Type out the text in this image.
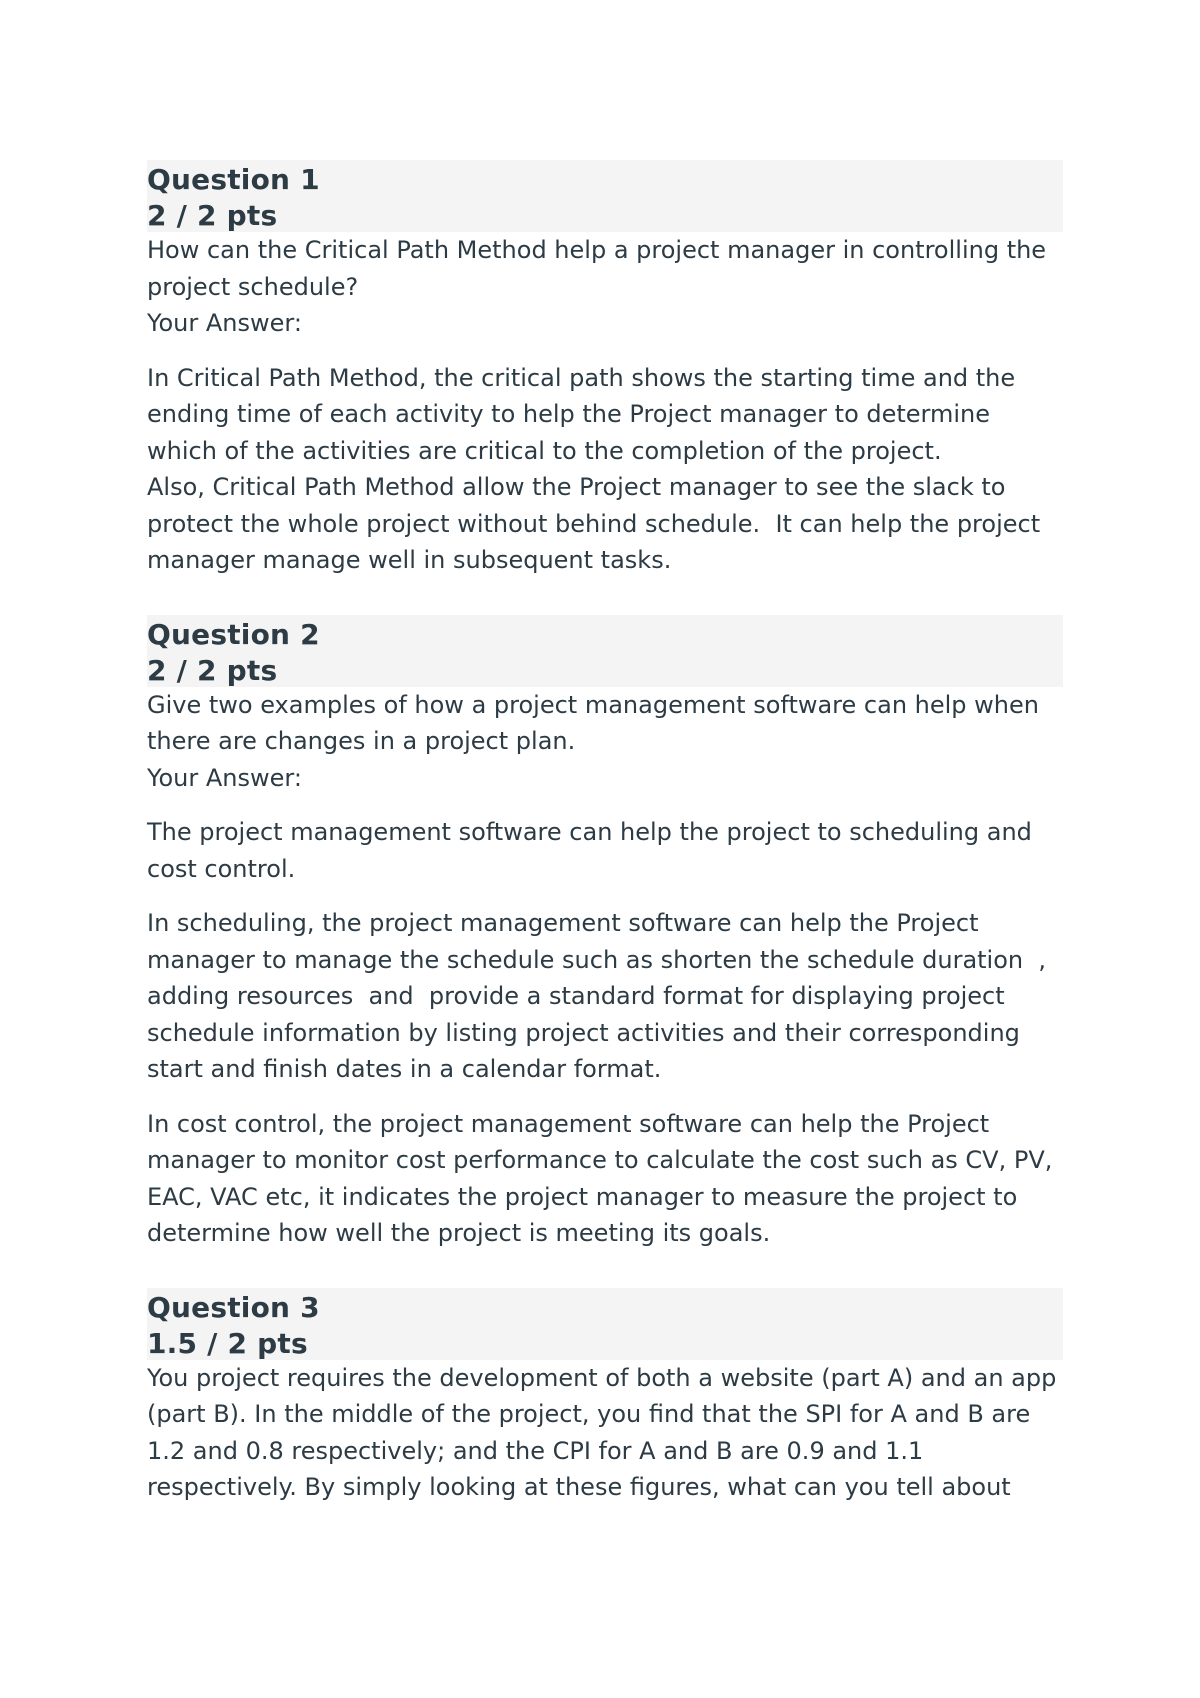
Question 1
2 / 2 pts

How can the Critical Path Method help a project manager in controlling the project schedule?

Your Answer:

In Critical Path Method, the critical path shows the starting time and the ending time of each activity to help the Project manager to determine which of the activities are critical to the completion of the project.
Also, Critical Path Method allow the Project manager to see the slack to protect the whole project without behind schedule.  It can help the project manager manage well in subsequent tasks.

Question 2
2 / 2 pts

Give two examples of how a project management software can help when there are changes in a project plan.

Your Answer:

The project management software can help the project to scheduling and cost control.

In scheduling, the project management software can help the Project manager to manage the schedule such as shorten the schedule duration  , adding resources  and  provide a standard format for displaying project schedule information by listing project activities and their corresponding start and finish dates in a calendar format.

In cost control, the project management software can help the Project manager to monitor cost performance to calculate the cost such as CV, PV, EAC, VAC etc, it indicates the project manager to measure the project to determine how well the project is meeting its goals.

Question 3
1.5 / 2 pts

You project requires the development of both a website (part A) and an app (part B). In the middle of the project, you find that the SPI for A and B are 1.2 and 0.8 respectively; and the CPI for A and B are 0.9 and 1.1 respectively. By simply looking at these figures, what can you tell about
